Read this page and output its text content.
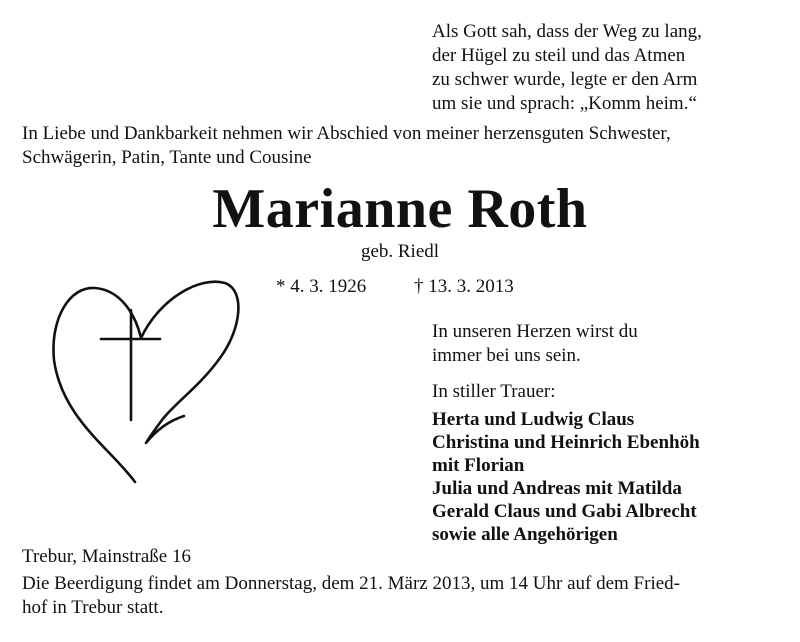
Als Gott sah, dass der Weg zu lang,
der Hügel zu steil und das Atmen
zu schwer wurde, legte er den Arm
um sie und sprach: „Komm heim.“
In Liebe und Dankbarkeit nehmen wir Abschied von meiner herzensguten Schwester,
Schwägerin, Patin, Tante und Cousine
Marianne Roth
geb. Riedl
* 4. 3. 1926	† 13. 3. 2013
In unseren Herzen wirst du
immer bei uns sein.
In stiller Trauer:
Herta und Ludwig Claus
Christina und Heinrich Ebenhöh
mit Florian
Julia und Andreas mit Matilda
Gerald Claus und Gabi Albrecht
sowie alle Angehörigen
Trebur, Mainstraße 16
Die Beerdigung findet am Donnerstag, dem 21. März 2013, um 14 Uhr auf dem Fried-
hof in Trebur statt.
